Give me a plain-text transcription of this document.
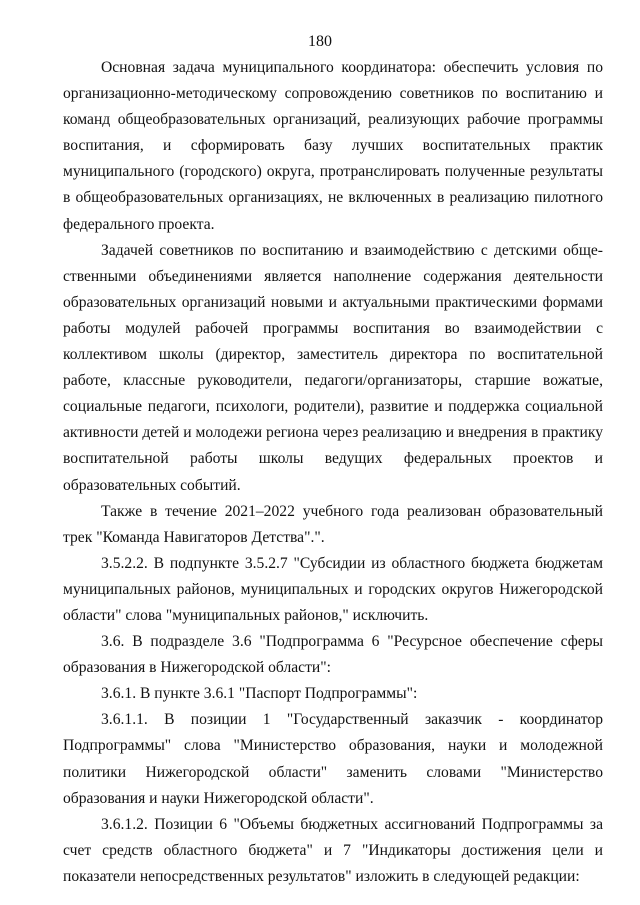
180

Основная задача муниципального координатора: обеспечить условия по организационно-методическому сопровождению советников по воспитанию и команд общеобразовательных организаций, реализующих рабочие программы воспитания, и сформировать базу лучших воспитательных практик муниципального (городского) округа, протранслировать полученные результаты в общеобразовательных организациях, не включенных в реализацию пилотного федерального проекта.

Задачей советников по воспитанию и взаимодействию с детскими общественными объединениями является наполнение содержания деятельности образовательных организаций новыми и актуальными практическими формами работы модулей рабочей программы воспитания во взаимодействии с коллективом школы (директор, заместитель директора по воспитательной работе, классные руководители, педагоги/организаторы, старшие вожатые, социальные педагоги, психологи, родители), развитие и поддержка социальной активности детей и молодежи региона через реализацию и внедрения в практику воспитательной работы школы ведущих федеральных проектов и образовательных событий.

Также в течение 2021–2022 учебного года реализован образовательный трек "Команда Навигаторов Детства".".

3.5.2.2. В подпункте 3.5.2.7 "Субсидии из областного бюджета бюджетам муниципальных районов, муниципальных и городских округов Нижегородской области" слова "муниципальных районов," исключить.

3.6. В подразделе 3.6 "Подпрограмма 6 "Ресурсное обеспечение сферы образования в Нижегородской области":

3.6.1. В пункте 3.6.1 "Паспорт Подпрограммы":

3.6.1.1. В позиции 1 "Государственный заказчик - координатор Подпрограммы" слова "Министерство образования, науки и молодежной политики Нижегородской области" заменить словами "Министерство образования и науки Нижегородской области".

3.6.1.2. Позиции 6 "Объемы бюджетных ассигнований Подпрограммы за счет средств областного бюджета" и 7 "Индикаторы достижения цели и показатели непосредственных результатов" изложить в следующей редакции:
